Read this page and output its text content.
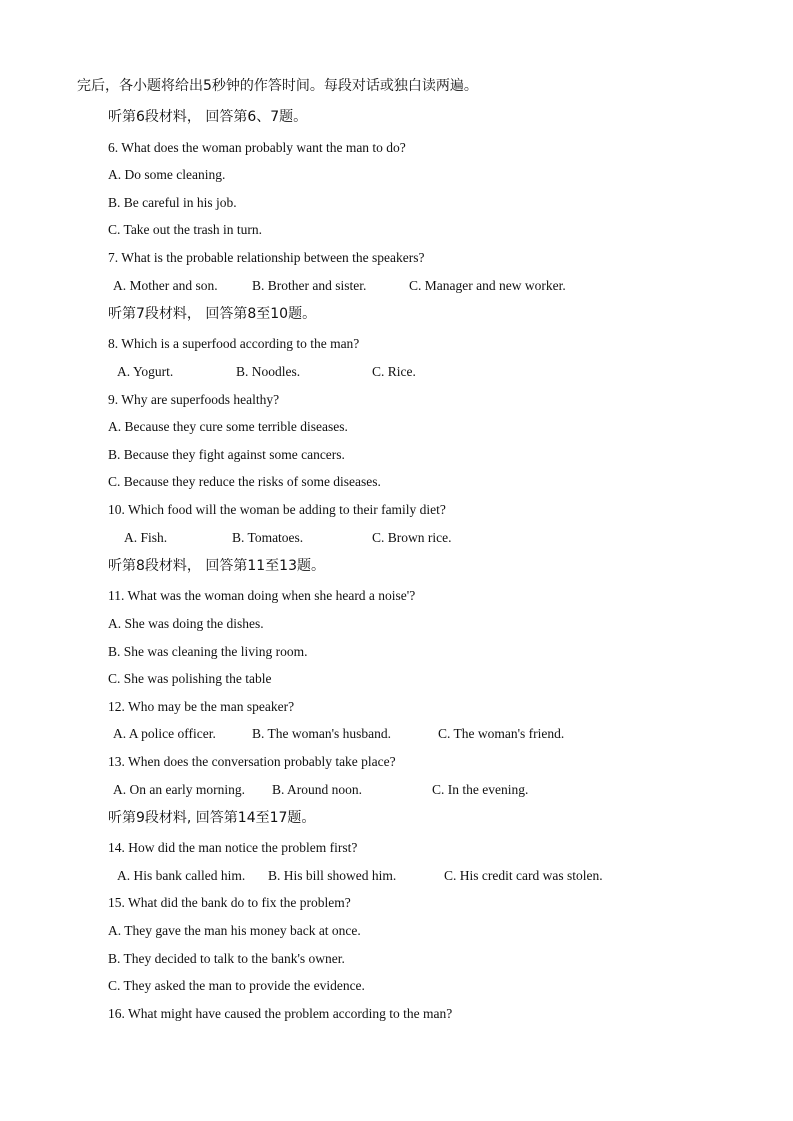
完后，各小题将给出5秒钟的作答时间。每段对话或独白读两遍。
听第6段材料， 回答第6、7题。
6. What does the woman probably want the man to do?
A. Do some cleaning.
B. Be careful in his job.
C. Take out the trash in turn.
7. What is the probable relationship between the speakers?
A. Mother and son.	B. Brother and sister.	C. Manager and new worker.
听第7段材料， 回答第8至10题。
8. Which is a superfood according to the man?
A. Yogurt.	B. Noodles.	C. Rice.
9. Why are superfoods healthy?
A. Because they cure some terrible diseases.
B. Because they fight against some cancers.
C. Because they reduce the risks of some diseases.
10. Which food will the woman be adding to their family diet?
A. Fish.	B. Tomatoes.	C. Brown rice.
听第8段材料， 回答第11至13题。
11. What was the woman doing when she heard a noise'?
A. She was doing the dishes.
B. She was cleaning the living room.
C. She was polishing the table
12. Who may be the man speaker?
A. A police officer.	B. The woman's husband.	C. The woman's friend.
13. When does the conversation probably take place?
A. On an early morning. B. Around noon.	C. In the evening.
听第9段材料, 回答第14至17题。
14. How did the man notice the problem first?
A. His bank called him. B. His bill showed him.	C. His credit card was stolen.
15. What did the bank do to fix the problem?
A. They gave the man his money back at once.
B. They decided to talk to the bank's owner.
C. They asked the man to provide the evidence.
16. What might have caused the problem according to the man?
